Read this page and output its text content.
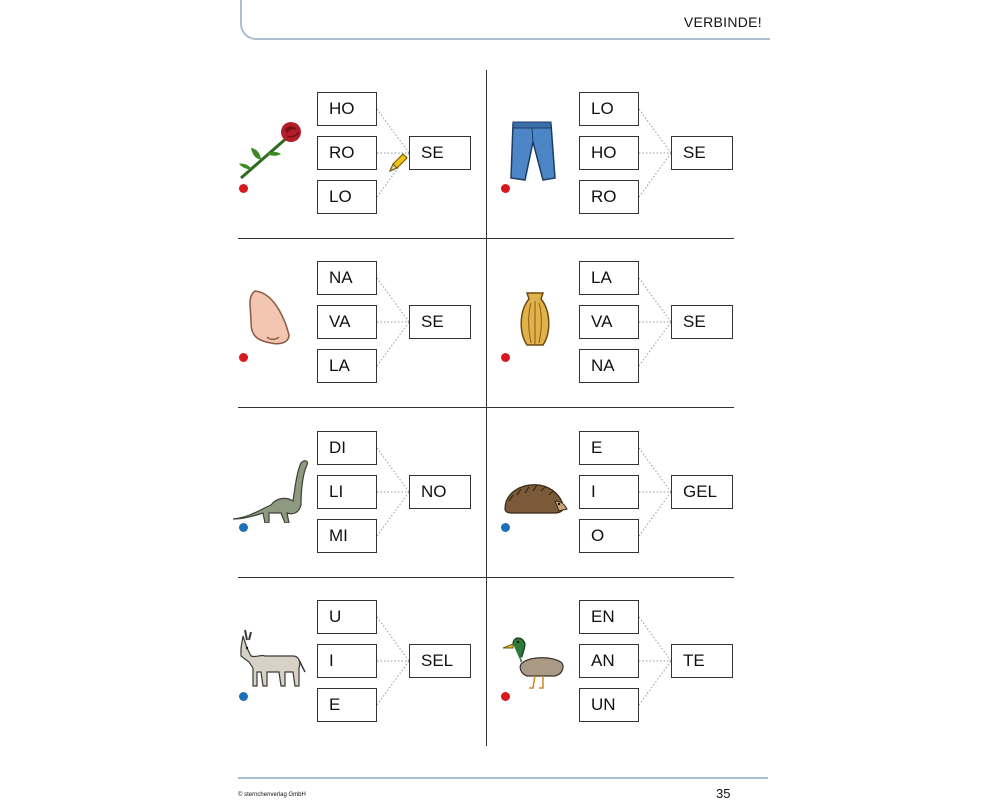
VERBINDE!
HO
RO
LO
SE
LO
HO
RO
SE
NA
VA
LA
SE
LA
VA
NA
SE
DI
LI
MI
NO
E
I
O
GEL
U
I
E
SEL
EN
AN
UN
TE
© sternchenverlag GmbH	35
